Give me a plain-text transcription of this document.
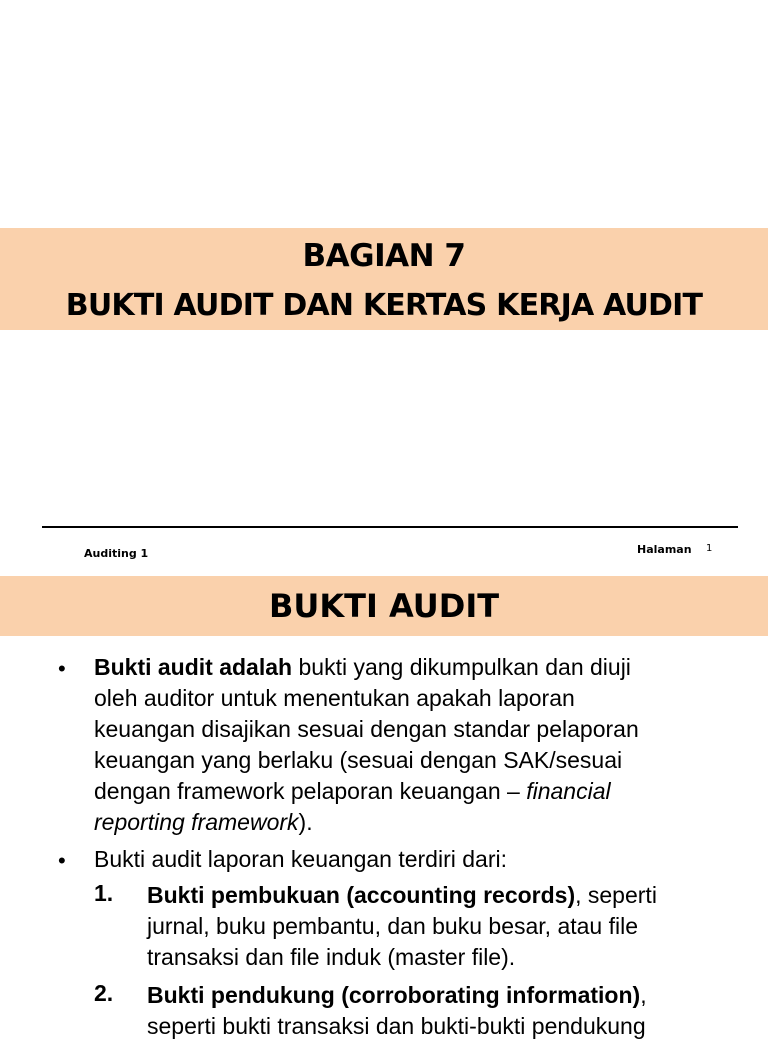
BAGIAN 7
BUKTI AUDIT DAN KERTAS KERJA AUDIT
Auditing 1	Halaman 1
BUKTI AUDIT
• Bukti audit adalah bukti yang dikumpulkan dan diuji
oleh auditor untuk menentukan apakah laporan
keuangan disajikan sesuai dengan standar pelaporan
keuangan yang berlaku (sesuai dengan SAK/sesuai
dengan framework pelaporan keuangan – financial
reporting framework).
• Bukti audit laporan keuangan terdiri dari:
1. Bukti pembukuan (accounting records), seperti
jurnal, buku pembantu, dan buku besar, atau file
transaksi dan file induk (master file).
2. Bukti pendukung (corroborating information),
seperti bukti transaksi dan bukti-bukti pendukung
